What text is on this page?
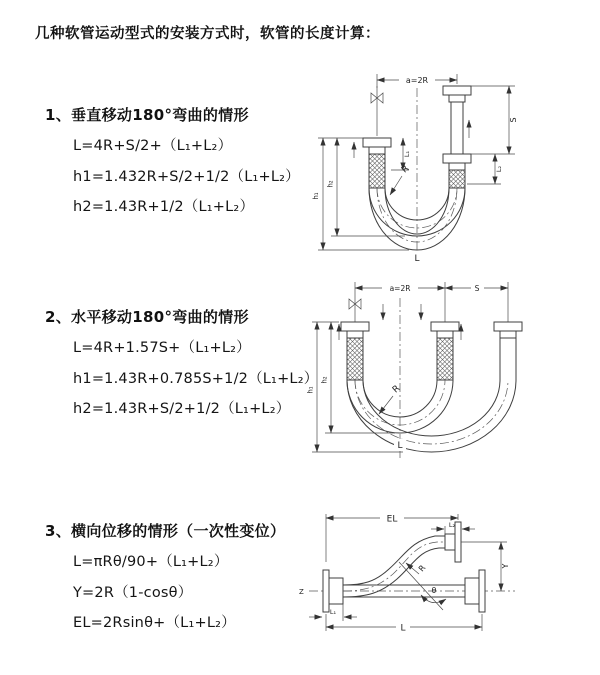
几种软管运动型式的安装方式时，软管的长度计算：
1、垂直移动180°弯曲的情形
L=4R+S/2+（L₁+L₂）
h1=1.432R+S/2+1/2（L₁+L₂）
h2=1.43R+1/2（L₁+L₂）
a=2R
h₁
h₂
L₁
S
L₂
R
L
2、水平移动180°弯曲的情形
L=4R+1.57S+（L₁+L₂）
h1=1.43R+0.785S+1/2（L₁+L₂）
h2=1.43R+S/2+1/2（L₁+L₂）
a=2R	S
h₁
h₂
R
L
3、横向位移的情形（一次性变位）
L=πRθ/90+（L₁+L₂）
Y=2R（1-cosθ）
EL=2Rsinθ+（L₁+L₂）
Z
EL
L₂
Y
R
θ
L₁
L
